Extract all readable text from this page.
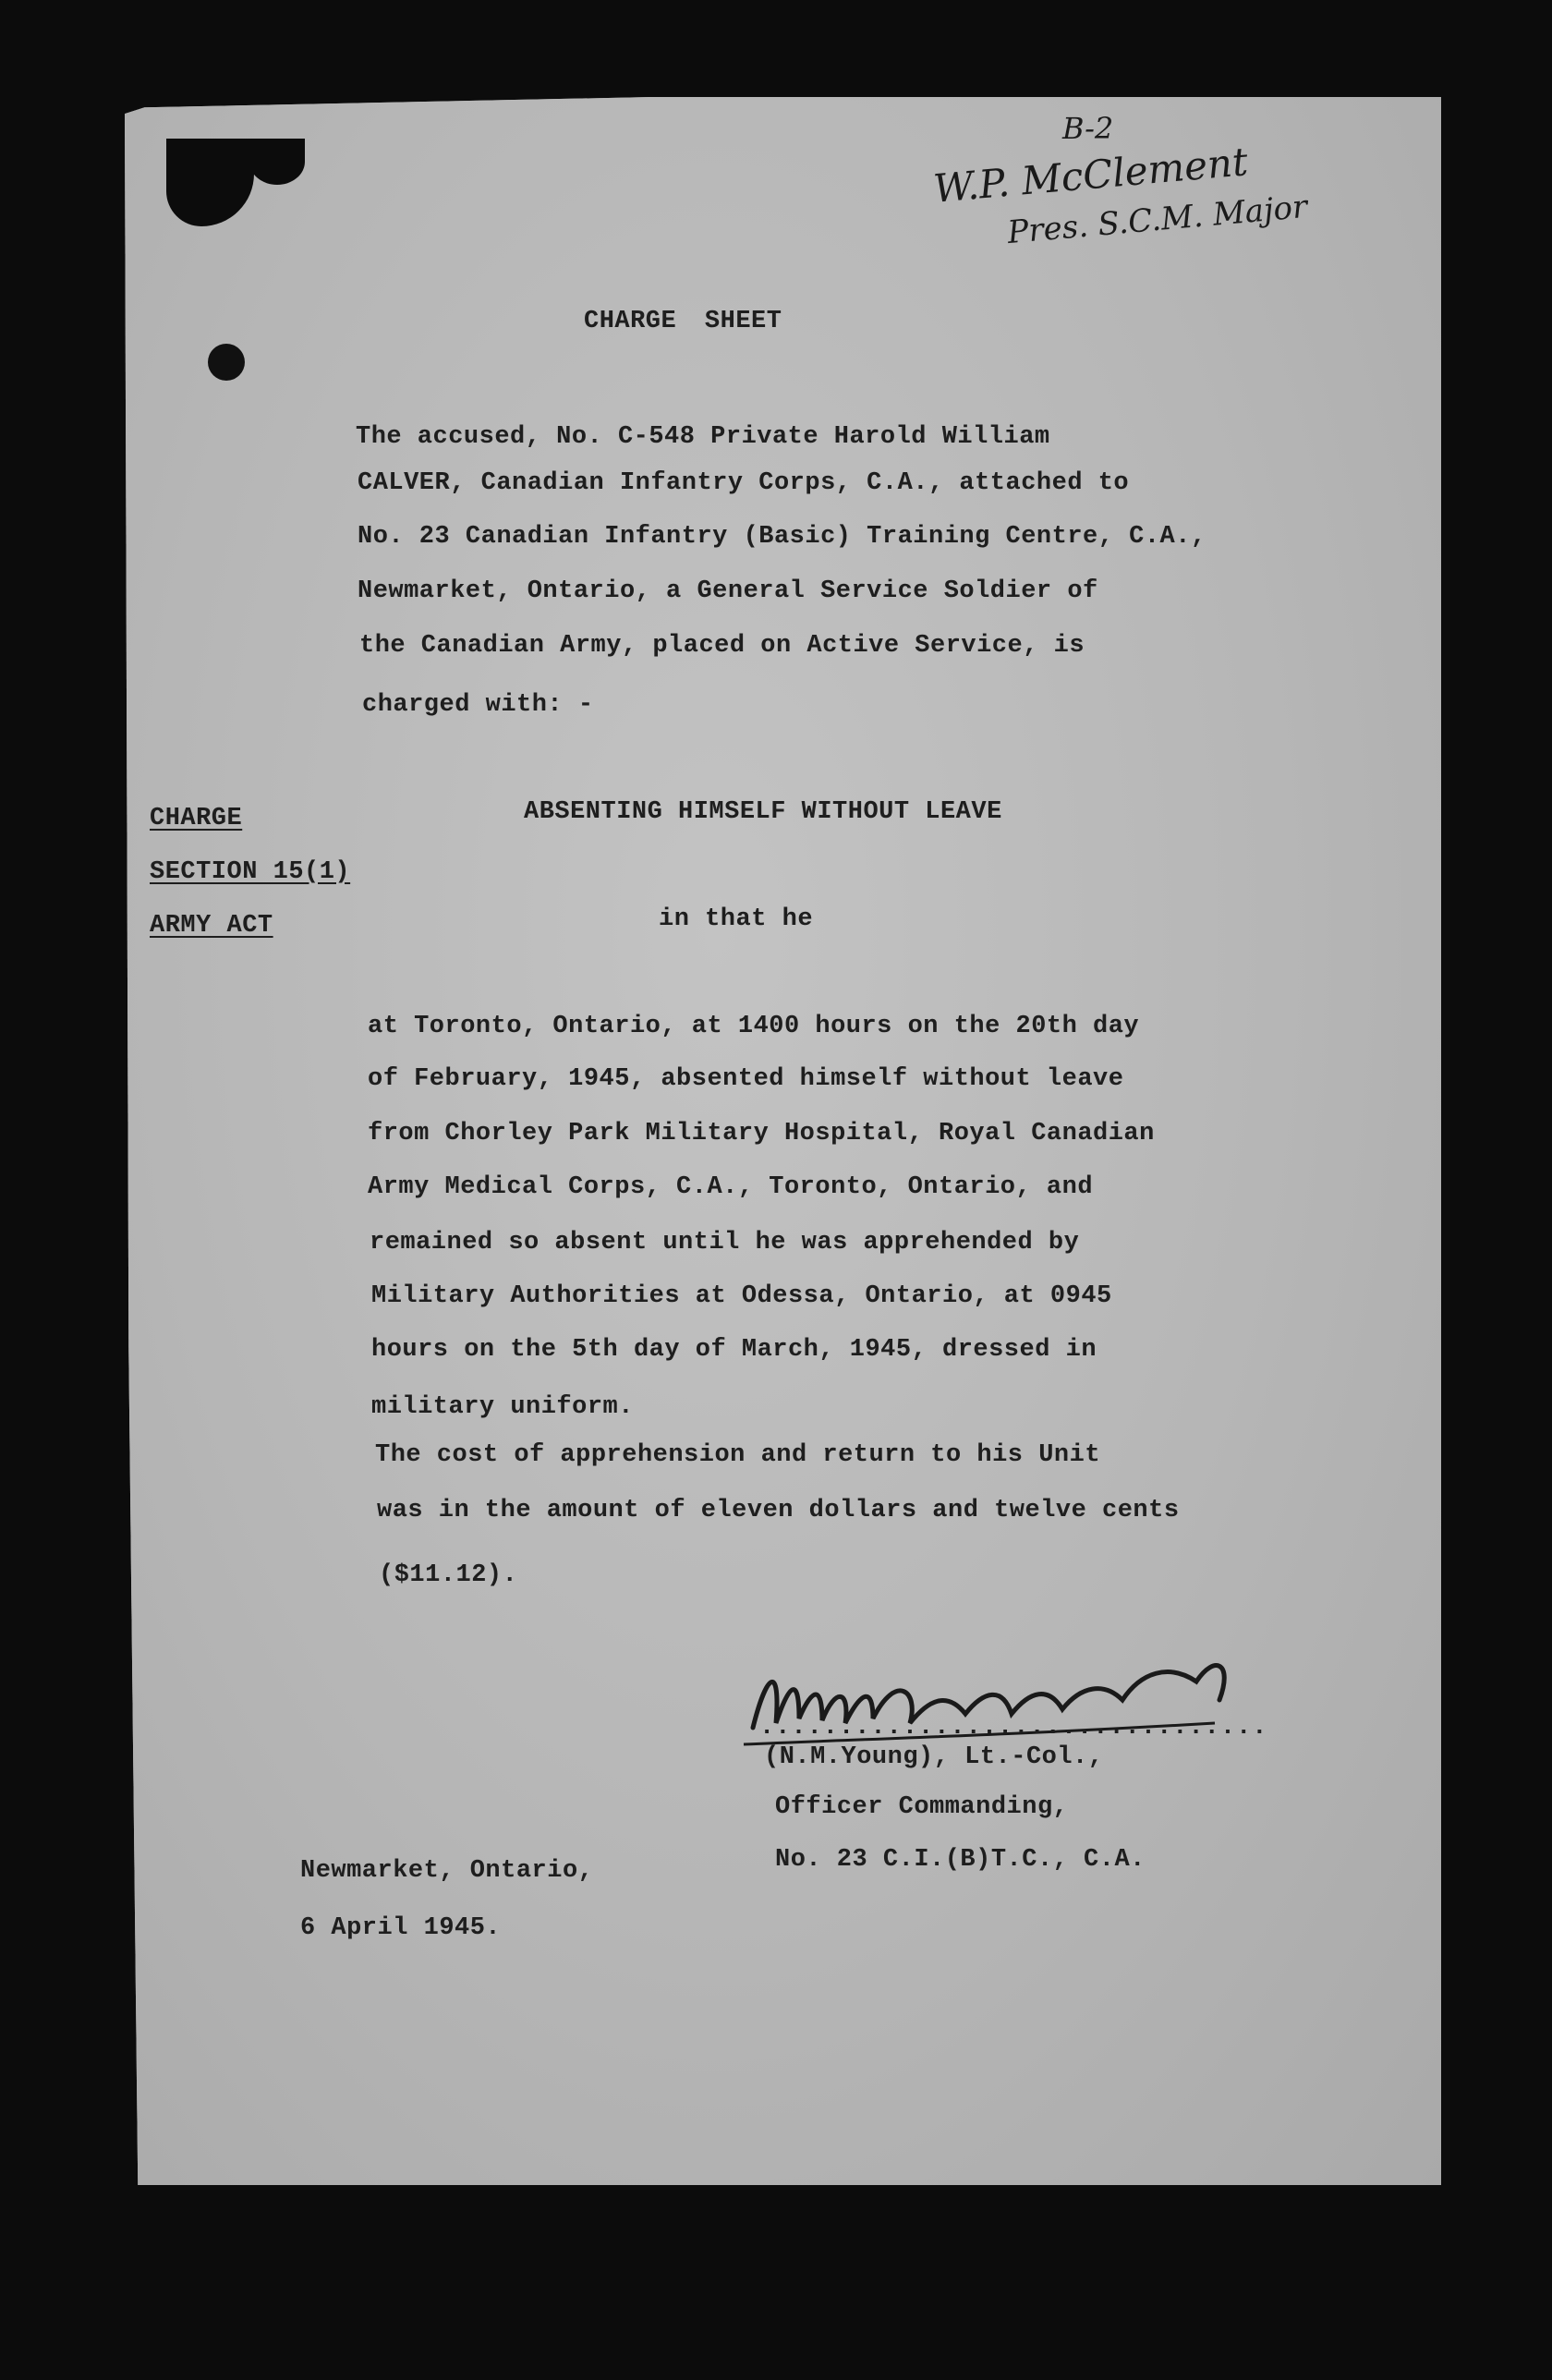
B-2
W.P. McClement
Pres. S.C.M. Major
CHARGE SHEET
The accused, No. C-548 Private Harold William
CALVER, Canadian Infantry Corps, C.A., attached to
No. 23 Canadian Infantry (Basic) Training Centre, C.A.,
Newmarket, Ontario, a General Service Soldier of
the Canadian Army, placed on Active Service, is
charged with: -
CHARGE
SECTION 15(1)
ARMY ACT
ABSENTING HIMSELF WITHOUT LEAVE
in that he
at Toronto, Ontario, at 1400 hours on the 20th day
of February, 1945, absented himself without leave
from Chorley Park Military Hospital, Royal Canadian
Army Medical Corps, C.A., Toronto, Ontario, and
remained so absent until he was apprehended by
Military Authorities at Odessa, Ontario, at 0945
hours on the 5th day of March, 1945, dressed in
military uniform.
The cost of apprehension and return to his Unit
was in the amount of eleven dollars and twelve cents
($11.12).
................................
(N.M.Young), Lt.-Col.,
Officer Commanding,
No. 23 C.I.(B)T.C., C.A.
Newmarket, Ontario,
6 April 1945.
